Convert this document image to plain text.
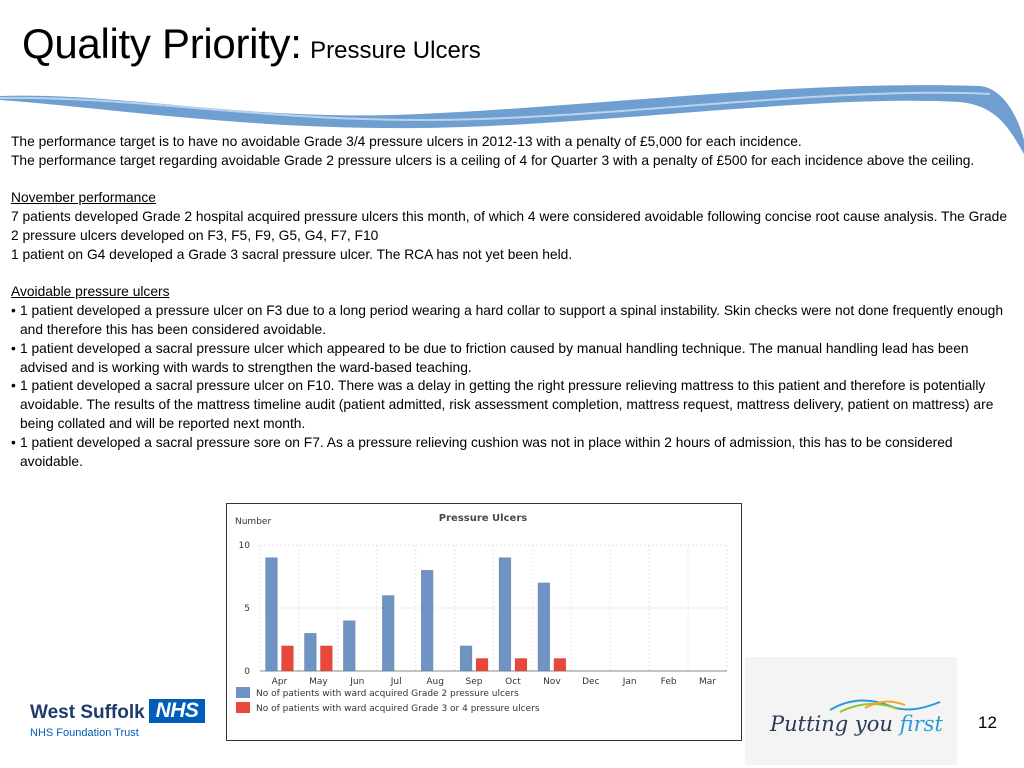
Quality Priority: Pressure Ulcers

The performance target is to have no avoidable Grade 3/4 pressure ulcers in 2012-13 with a penalty of £5,000 for each incidence.

The performance target regarding avoidable Grade 2 pressure ulcers is a ceiling of 4 for Quarter 3 with a penalty of £500 for each incidence above the ceiling.

November performance

7 patients developed Grade 2 hospital acquired pressure ulcers this month, of which 4 were considered avoidable following concise root cause analysis. The Grade 2 pressure ulcers developed on F3, F5, F9, G5, G4, F7, F10

1 patient on G4 developed a Grade 3 sacral pressure ulcer. The RCA has not yet been held.

Avoidable pressure ulcers

• 1 patient developed a pressure ulcer on F3 due to a long period wearing a hard collar to support a spinal instability. Skin checks were not done frequently enough and therefore this has been considered avoidable.
• 1 patient developed a sacral pressure ulcer which appeared to be due to friction caused by manual handling technique. The manual handling lead has been advised and is working with wards to strengthen the ward-based teaching.
• 1 patient developed a sacral pressure ulcer on F10. There was a delay in getting the right pressure relieving mattress to this patient and therefore is potentially avoidable. The results of the mattress timeline audit (patient admitted, risk assessment completion, mattress request, mattress delivery, patient on mattress) are being collated and will be reported next month.
• 1 patient developed a sacral pressure sore on F7. As a pressure relieving cushion was not in place within 2 hours of admission, this has to be considered avoidable.
Pressure Ulcers
Number
0
5
10
Apr May	Jun	Jul	Aug Sep	Oct Nov Dec	Jan	Feb Mar
No of patients with ward acquired Grade 2 pressure ulcers
No of patients with ward acquired Grade 3 or 4 pressure ulcers
West Suffolk NHS
NHS Foundation Trust	Putting you first 12
